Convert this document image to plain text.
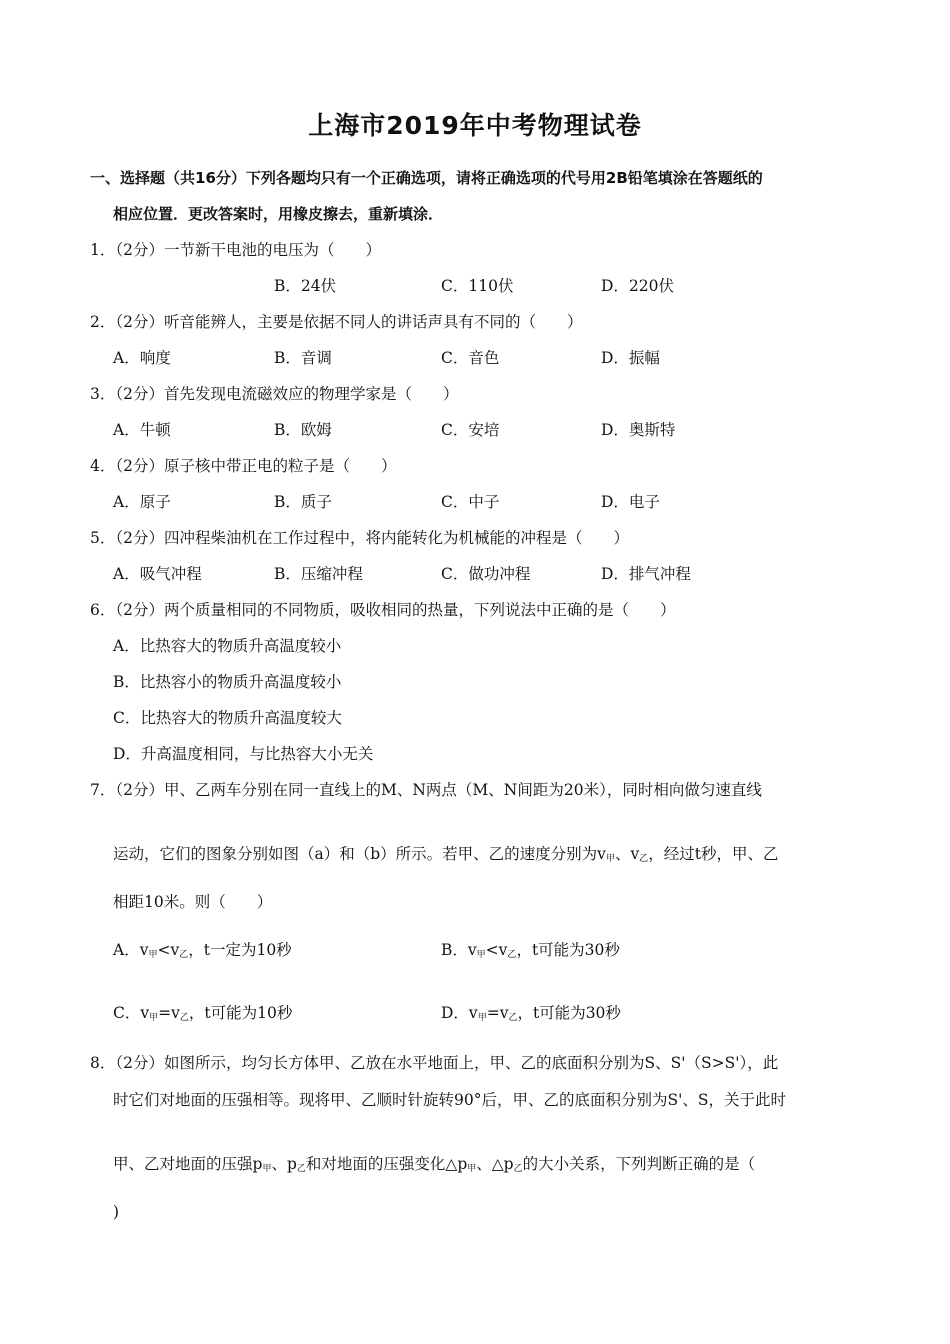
上海市2019年中考物理试卷
一、选择题（共16分）下列各题均只有一个正确选项，请将正确选项的代号用2B铅笔填涂在答题纸的
相应位置．更改答案时，用橡皮擦去，重新填涂．
1．（2分）一节新干电池的电压为（　　）
B．24伏	C．110伏	D．220伏
2．（2分）听音能辨人，主要是依据不同人的讲话声具有不同的（　　）
A．响度	B．音调	C．音色	D．振幅
3．（2分）首先发现电流磁效应的物理学家是（　　）
A．牛顿	B．欧姆	C．安培	D．奥斯特
4．（2分）原子核中带正电的粒子是（　　）
A．原子	B．质子	C．中子	D．电子
5．（2分）四冲程柴油机在工作过程中，将内能转化为机械能的冲程是（　　）
A．吸气冲程	B．压缩冲程	C．做功冲程	D．排气冲程
6．（2分）两个质量相同的不同物质，吸收相同的热量，下列说法中正确的是（　　）
A．比热容大的物质升高温度较小
B．比热容小的物质升高温度较小
C．比热容大的物质升高温度较大
D．升高温度相同，与比热容大小无关
7．（2分）甲、乙两车分别在同一直线上的M、N两点（M、N间距为20米），同时相向做匀速直线
运动，它们的图象分别如图（a）和（b）所示。若甲、乙的速度分别为$v_甲$、$v_乙$，经过t秒，甲、乙
相距10米。则（　　）
A．$v_甲<v_乙$，t一定为10秒	B．$v_甲<v_乙$，t可能为30秒
C．$v_甲=v_乙$，t可能为10秒	D．$v_甲=v_乙$，t可能为30秒
8．（2分）如图所示，均匀长方体甲、乙放在水平地面上，甲、乙的底面积分别为S、S'（S>S'），此
时它们对地面的压强相等。现将甲、乙顺时针旋转90°后，甲、乙的底面积分别为S'、S，关于此时
甲、乙对地面的压强$p_甲$、$p_乙$和对地面的压强变化$\triangle p_甲$、$\triangle p_乙$的大小关系，下列判断正确的是（
)
